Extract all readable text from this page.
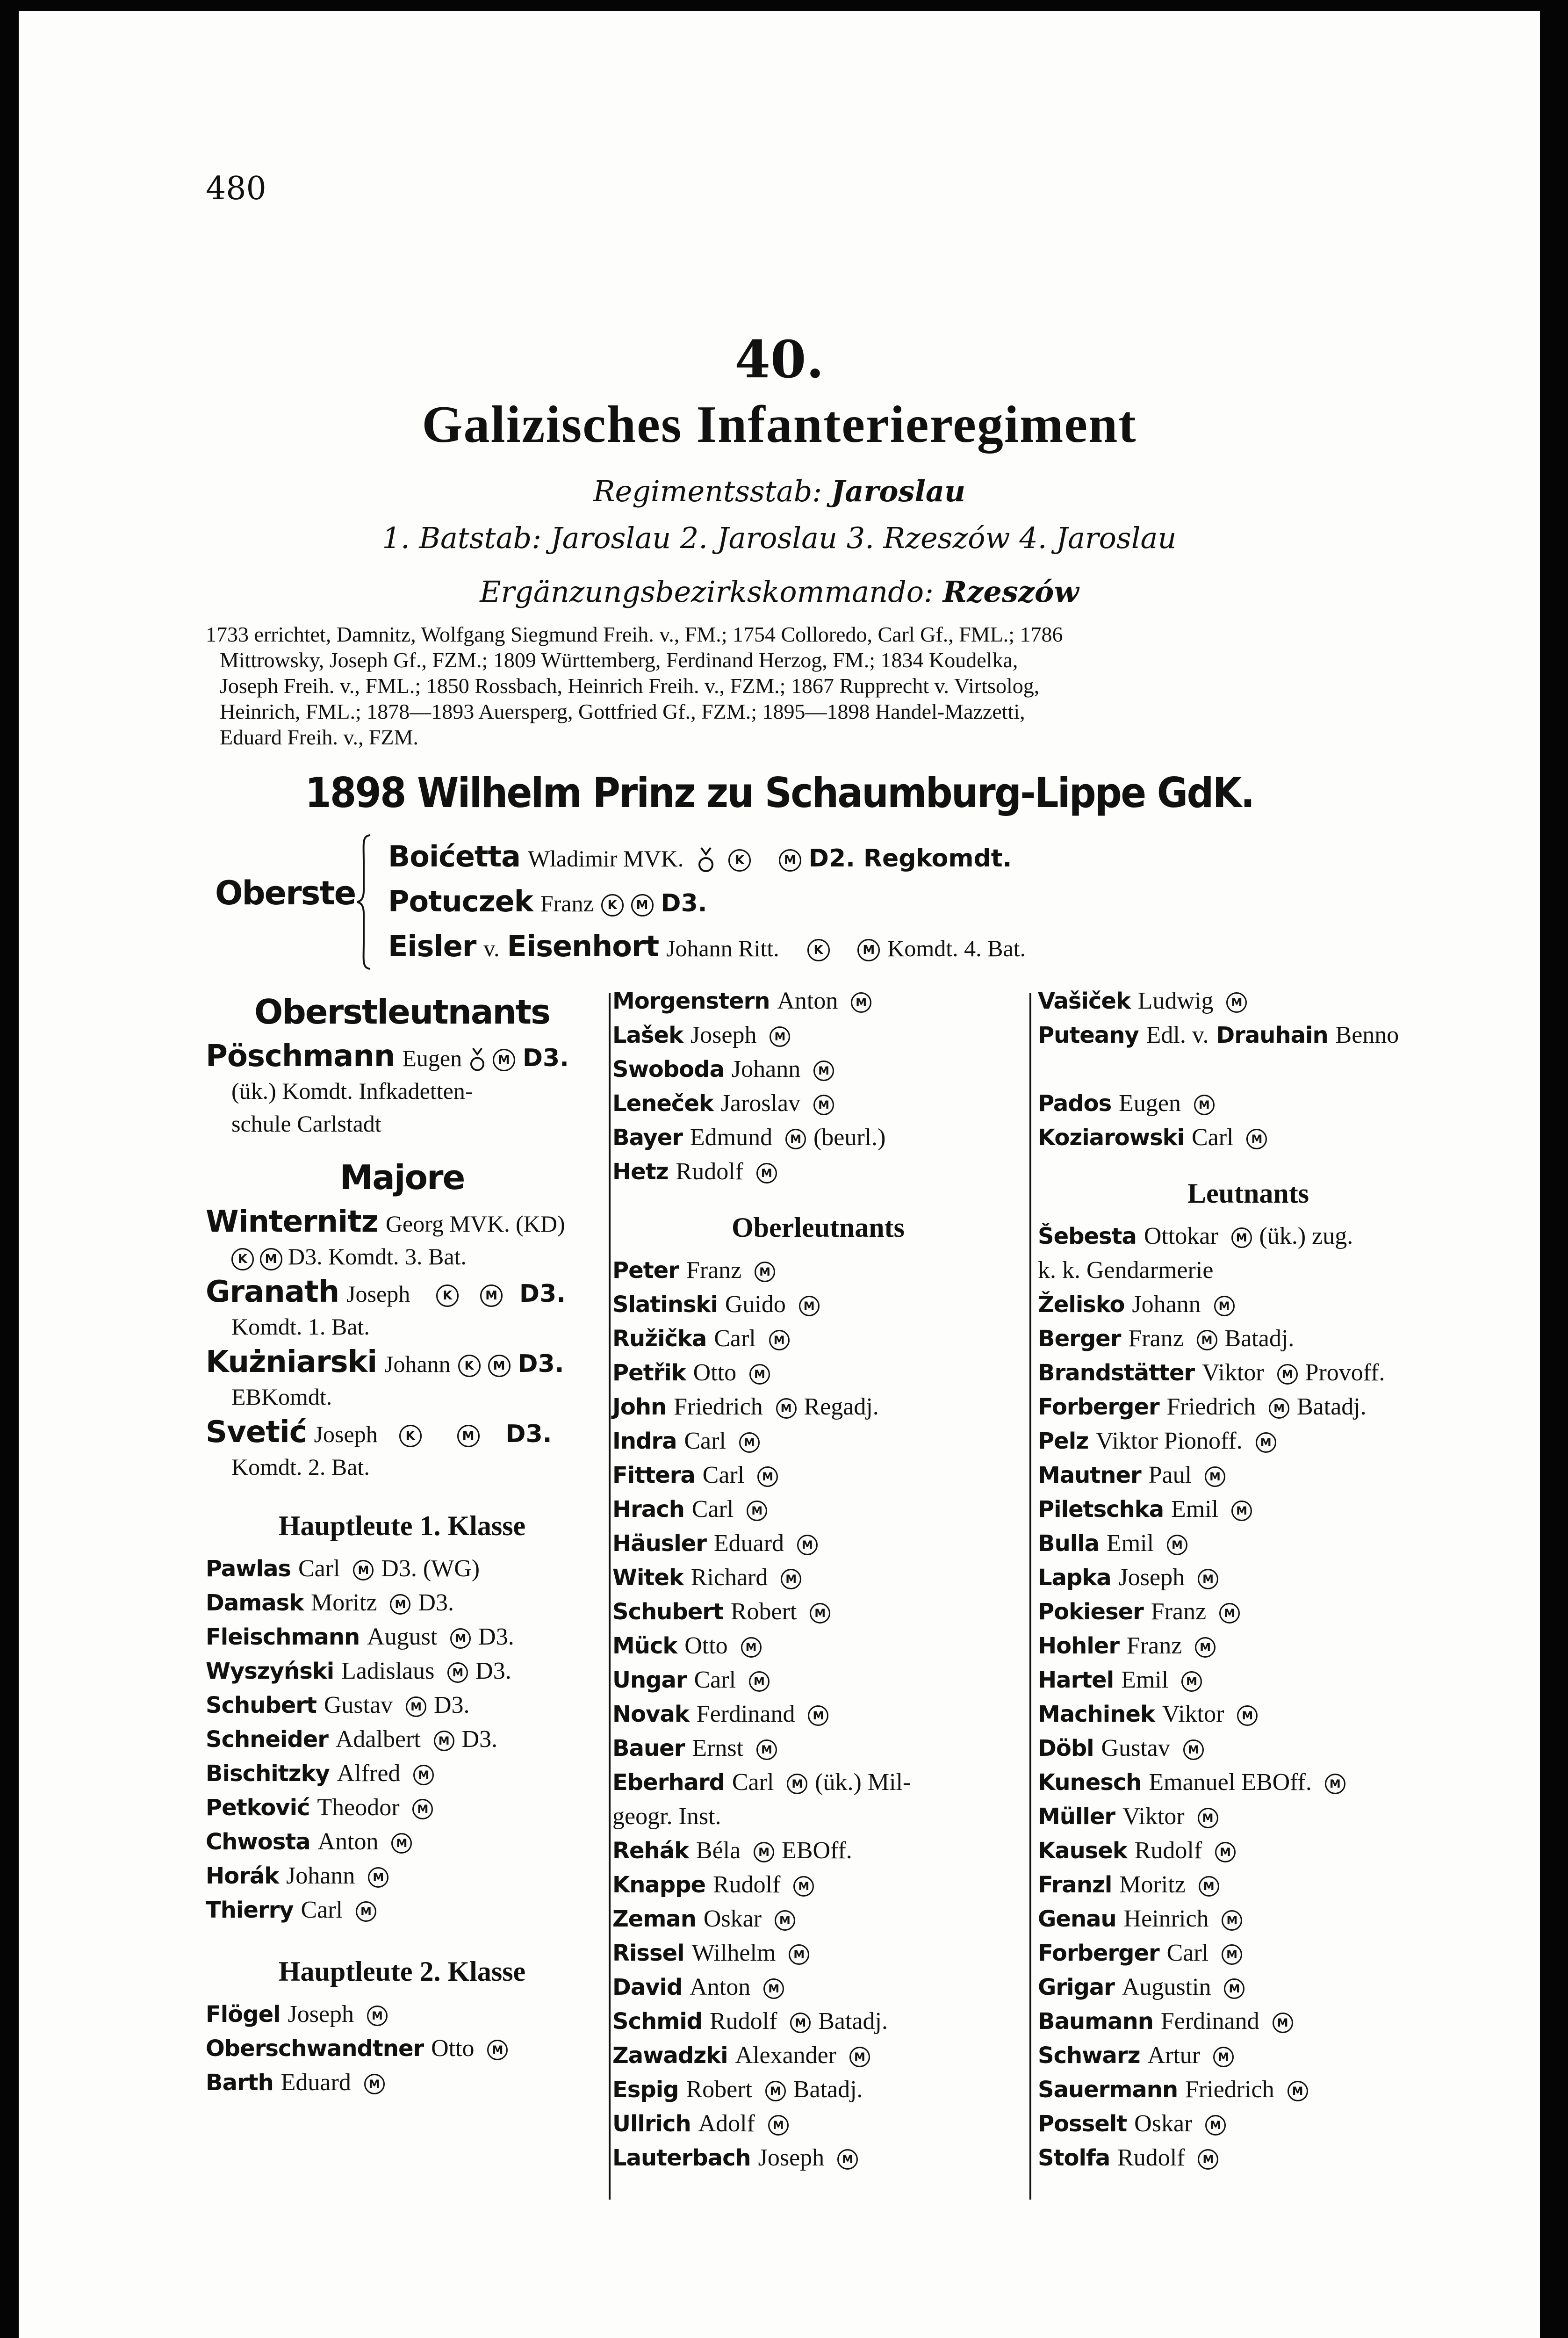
480
40.
Galizisches Infanterieregiment
Regimentsstab: Jaroslau
1. Batstab: Jaroslau 2. Jaroslau 3. Rzeszów 4. Jaroslau
Ergänzungsbezirkskommando: Rzeszów
1733 errichtet, Damnitz, Wolfgang Siegmund Freih. v., FM.; 1754 Colloredo, Carl Gf., FML.; 1786
Mittrowsky, Joseph Gf., FZM.; 1809 Württemberg, Ferdinand Herzog, FM.; 1834 Koudelka,
Joseph Freih. v., FML.; 1850 Rossbach, Heinrich Freih. v., FZM.; 1867 Rupprecht v. Virtsolog,
Heinrich, FML.; 1878—1893 Auersperg, Gottfried Gf., FZM.; 1895—1898 Handel-Mazzetti,
Eduard Freih. v., FZM.
1898 Wilhelm Prinz zu Schaumburg-Lippe GdK.
Oberste
Boićetta Wladimir MVK.	K	M D2. Regkomdt.
Potuczek Franz K M D3.
Eisler v. Eisenhort Johann Ritt.	K	M Komdt. 4. Bat.
Oberstleutnants
Pöschmann Eugen	M D3.
(ük.) Komdt. Infkadetten-
schule Carlstadt
Majore
Winternitz Georg MVK. (KD)
K M D3. Komdt. 3. Bat.
Granath Joseph	K	M D3.
Komdt. 1. Bat.
Kużniarski Johann K M D3.
EBKomdt.
Svetić Joseph K	M D3.
Komdt. 2. Bat.
Hauptleute 1. Klasse
Pawlas Carl M D3. (WG)
Damask Moritz M D3.
Fleischmann August M D3.
Wyszyński Ladislaus M D3.
Schubert Gustav M D3.
Schneider Adalbert M D3.
Bischitzky Alfred M
Petković Theodor M
Chwosta Anton M
Horák Johann M
Thierry Carl M
Hauptleute 2. Klasse
Flögel Joseph M
Oberschwandtner Otto M
Barth Eduard M
Morgenstern Anton M
Lašek Joseph M
Swoboda Johann M
Leneček Jaroslav M
Bayer Edmund M (beurl.)
Hetz Rudolf M
Oberleutnants
Peter Franz M
Slatinski Guido M
Ružička Carl M
Petřik Otto M
John Friedrich M Regadj.
Indra Carl M
Fittera Carl M
Hrach Carl M
Häusler Eduard M
Witek Richard M
Schubert Robert M
Mück Otto M
Ungar Carl M
Novak Ferdinand M
Bauer Ernst M
Eberhard Carl M (ük.) Mil-
geogr. Inst.
Rehák Béla M EBOff.
Knappe Rudolf M
Zeman Oskar M
Rissel Wilhelm M
David Anton M
Schmid Rudolf M Batadj.
Zawadzki Alexander M
Espig Robert M Batadj.
Ullrich Adolf M
Lauterbach Joseph M
Vašiček Ludwig M
Puteany Edl. v. Drauhain Benno
Pados Eugen M
Koziarowski Carl M
Leutnants
Šebesta Ottokar M (ük.) zug.
k. k. Gendarmerie
Želisko Johann M
Berger Franz M Batadj.
Brandstätter Viktor M Provoff.
Forberger Friedrich M Batadj.
Pelz Viktor Pionoff. M
Mautner Paul M
Piletschka Emil M
Bulla Emil M
Lapka Joseph M
Pokieser Franz M
Hohler Franz M
Hartel Emil M
Machinek Viktor M
Döbl Gustav M
Kunesch Emanuel EBOff. M
Müller Viktor M
Kausek Rudolf M
Franzl Moritz M
Genau Heinrich M
Forberger Carl M
Grigar Augustin M
Baumann Ferdinand M
Schwarz Artur M
Sauermann Friedrich M
Posselt Oskar M
Stolfa Rudolf M
